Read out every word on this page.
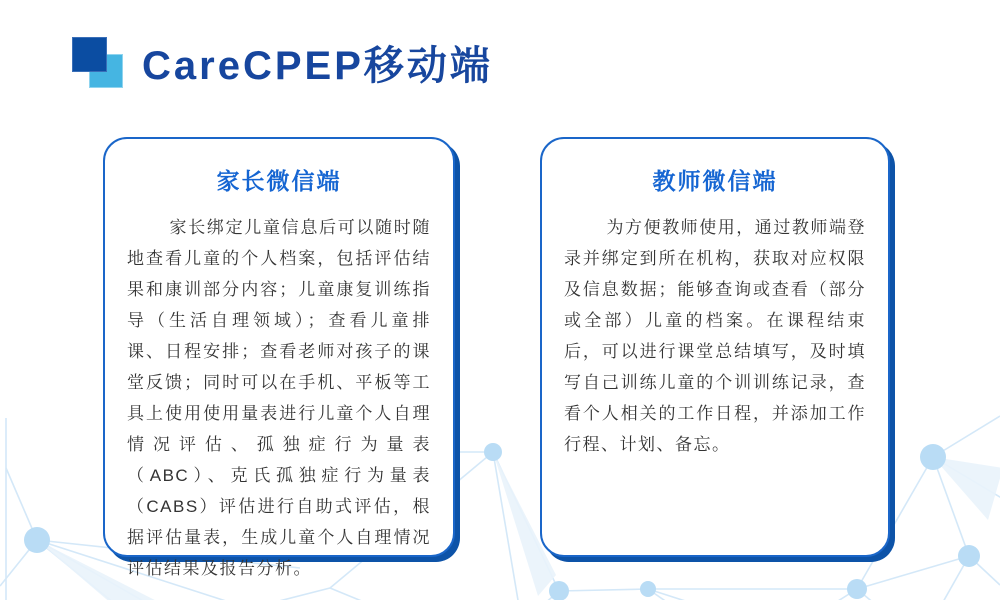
CareCPEP移动端
家长微信端
家长绑定儿童信息后可以随时随地查看儿童的个人档案，包括评估结果和康训部分内容；儿童康复训练指导（生活自理领域）；查看儿童排课、日程安排；查看老师对孩子的课堂反馈；同时可以在手机、平板等工具上使用使用量表进行儿童个人自理情况评估、孤独症行为量表（ABC）、克氏孤独症行为量表（CABS）评估进行自助式评估，根据评估量表，生成儿童个人自理情况评估结果及报告分析。
教师微信端
为方便教师使用，通过教师端登录并绑定到所在机构，获取对应权限及信息数据；能够查询或查看（部分或全部）儿童的档案。在课程结束后，可以进行课堂总结填写，及时填写自己训练儿童的个训训练记录，查看个人相关的工作日程，并添加工作行程、计划、备忘。
